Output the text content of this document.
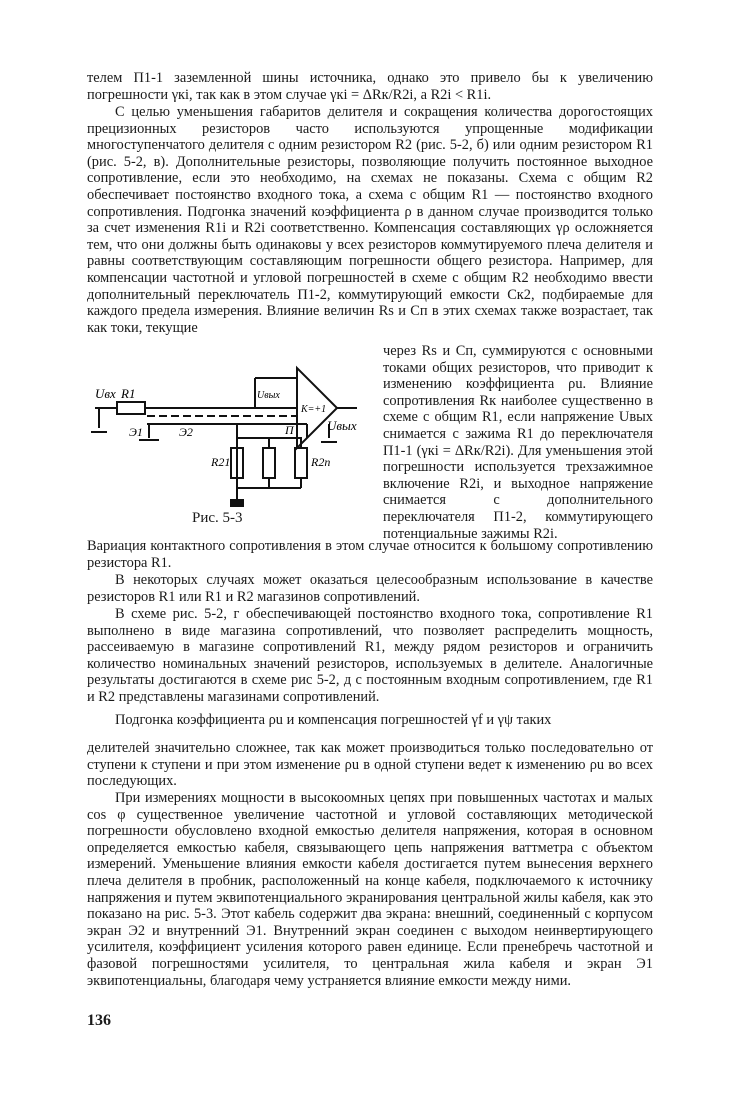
телем П1-1 заземленной шины источника, однако это привело бы к увеличению погрешности γкi, так как в этом случае γкi = ΔRк/R2i, а R2i < R1i.

С целью уменьшения габаритов делителя и сокращения количества дорогостоящих прецизионных резисторов часто используются упрощенные модификации многоступенчатого делителя с одним резистором R2 (рис. 5-2, б) или одним резистором R1 (рис. 5-2, в). Дополнительные резисторы, позволяющие получить постоянное выходное сопротивление, если это необходимо, на схемах не показаны. Схема с общим R2 обеспечивает постоянство входного тока, а схема с общим R1 — постоянство входного сопротивления. Подгонка значений коэффициента ρ в данном случае производится только за счет изменения R1i и R2i соответственно. Компенсация составляющих γρ осложняется тем, что они должны быть одинаковы у всех резисторов коммутируемого плеча делителя и равны соответствующим составляющим погрешности общего резистора. Например, для компенсации частотной и угловой погрешностей в схеме с общим R2 необходимо ввести дополнительный переключатель П1-2, коммутирующий емкости Ск2, подбираемые для каждого предела измерения. Влияние величин Rs и Сп в этих схемах также возрастает, так как токи, текущие

Uвх R1
Э1	Э2	П
Uвых
K=+1
Uвых
R21	R2n

через Rs и Сп, суммируются с основными токами общих резисторов, что приводит к изменению коэффициента ρu. Влияние сопротивления Rк наиболее существенно в схеме с общим R1, если напряжение Uвых снимается с зажима R1 до переключателя П1-1 (γкi = ΔRк/R2i). Для уменьшения этой погрешности используется трехзажимное включение R2i, и выходное напряжение снимается с дополнительного переключателя П1-2, коммутирующего потенциальные зажимы R2i.

Рис. 5-3

Вариация контактного сопротивления в этом случае относится к большому сопротивлению резистора R1.

В некоторых случаях может оказаться целесообразным использование в качестве резисторов R1 или R1 и R2 магазинов сопротивлений.

В схеме рис. 5-2, г обеспечивающей постоянство входного тока, сопротивление R1 выполнено в виде магазина сопротивлений, что позволяет распределить мощность, рассеиваемую в магазине сопротивлений R1, между рядом резисторов и ограничить количество номинальных значений резисторов, используемых в делителе. Аналогичные результаты достигаются в схеме рис 5-2, д с постоянным входным сопротивлением, где R1 и R2 представлены магазинами сопротивлений.

Подгонка коэффициента ρu и компенсация погрешностей γf и γψ таких

делителей значительно сложнее, так как может производиться только последовательно от ступени к ступени и при этом изменение ρu в одной ступени ведет к изменению ρu во всех последующих.

При измерениях мощности в высокоомных цепях при повышенных частотах и малых cos φ существенное увеличение частотной и угловой составляющих методической погрешности обусловлено входной емкостью делителя напряжения, которая в основном определяется емкостью кабеля, связывающего цепь напряжения ваттметра с объектом измерений. Уменьшение влияния емкости кабеля достигается путем вынесения верхнего плеча делителя в пробник, расположенный на конце кабеля, подключаемого к источнику напряжения и путем эквипотенциального экранирования центральной жилы кабеля, как это показано на рис. 5-3. Этот кабель содержит два экрана: внешний, соединенный с корпусом экран Э2 и внутренний Э1. Внутренний экран соединен с выходом неинвертирующего усилителя, коэффициент усиления которого равен единице. Если пренебречь частотной и фазовой погрешностями усилителя, то центральная жила кабеля и экран Э1 эквипотенциальны, благодаря чему устраняется влияние емкости между ними.

136
